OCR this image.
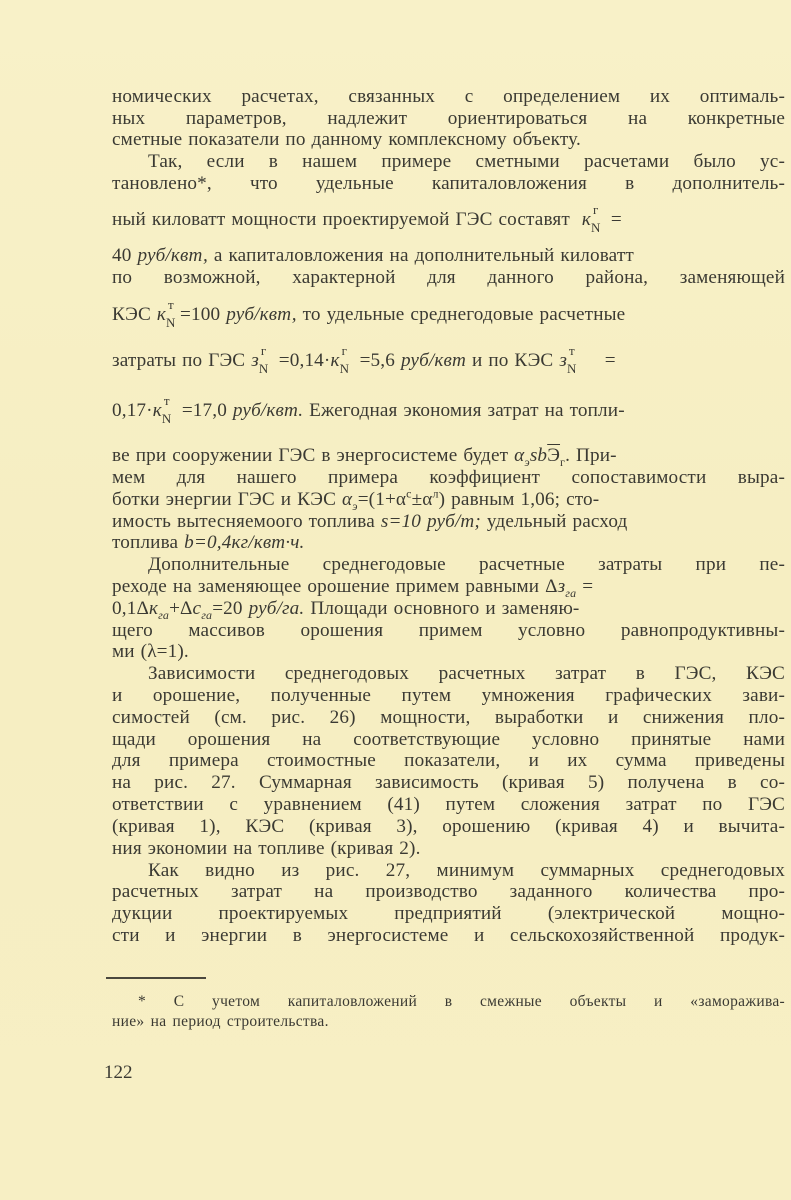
номических расчетах, связанных с определением их оптималь-
ных параметров, надлежит ориентироваться на конкретные
сметные показатели по данному комплексному объекту.
Так, если в нашем примере сметными расчетами было ус-
тановлено*, что удельные капиталовложения в дополнитель-
ный киловатт мощности проектируемой ГЭС составят к г
N =
40 руб/квт, а капиталовложения на дополнительный киловатт
по возможной, характерной для данного района, заменяющей
КЭС к т
N =100 руб/квт, то удельные среднегодовые расчетные
затраты по ГЭС з г
N =0,14·к г
N =5,6 руб/квт и по КЭС з т
N =
0,17·к т
N =17,0 руб/квт. Ежегодная экономия затрат на топли-
ве при сооружении ГЭС в энергосистеме будет $\alpha_эsbЭ_г$. При-
мем для нашего примера коэффициент сопоставимости выра-
ботки энергии ГЭС и КЭС $\alpha_э=(1+\alpha^с\pm\alpha^л)$ равным 1,06; сто-
имость вытесняемоого топлива s=10 руб/т; удельный расход
топлива b=0,4кг/квт·ч.
Дополнительные среднегодовые расчетные затраты при пе-
реходе на заменяющее орошение примем равными $\Delta з_{га}$ =
$0,1\Delta к_{га}+\Delta с_{га}=20$ руб/га. Площади основного и заменяю-
щего массивов орошения примем условно равнопродуктивны-
ми (λ=1).
Зависимости среднегодовых расчетных затрат в ГЭС, КЭС
и орошение, полученные путем умножения графических зави-
симостей (см. рис. 26) мощности, выработки и снижения пло-
щади орошения на соответствующие условно принятые нами
для примера стоимостные показатели, и их сумма приведены
на рис. 27. Суммарная зависимость (кривая 5) получена в со-
ответствии с уравнением (41) путем сложения затрат по ГЭС
(кривая 1), КЭС (кривая 3), орошению (кривая 4) и вычита-
ния экономии на топливе (кривая 2).
Как видно из рис. 27, минимум суммарных среднегодовых
расчетных затрат на производство заданного количества про-
дукции проектируемых предприятий (электрической мощно-
сти и энергии в энергосистеме и сельскохозяйственной продук-
* С учетом капиталовложений в смежные объекты и «заморажива-
ние» на период строительства.
122
